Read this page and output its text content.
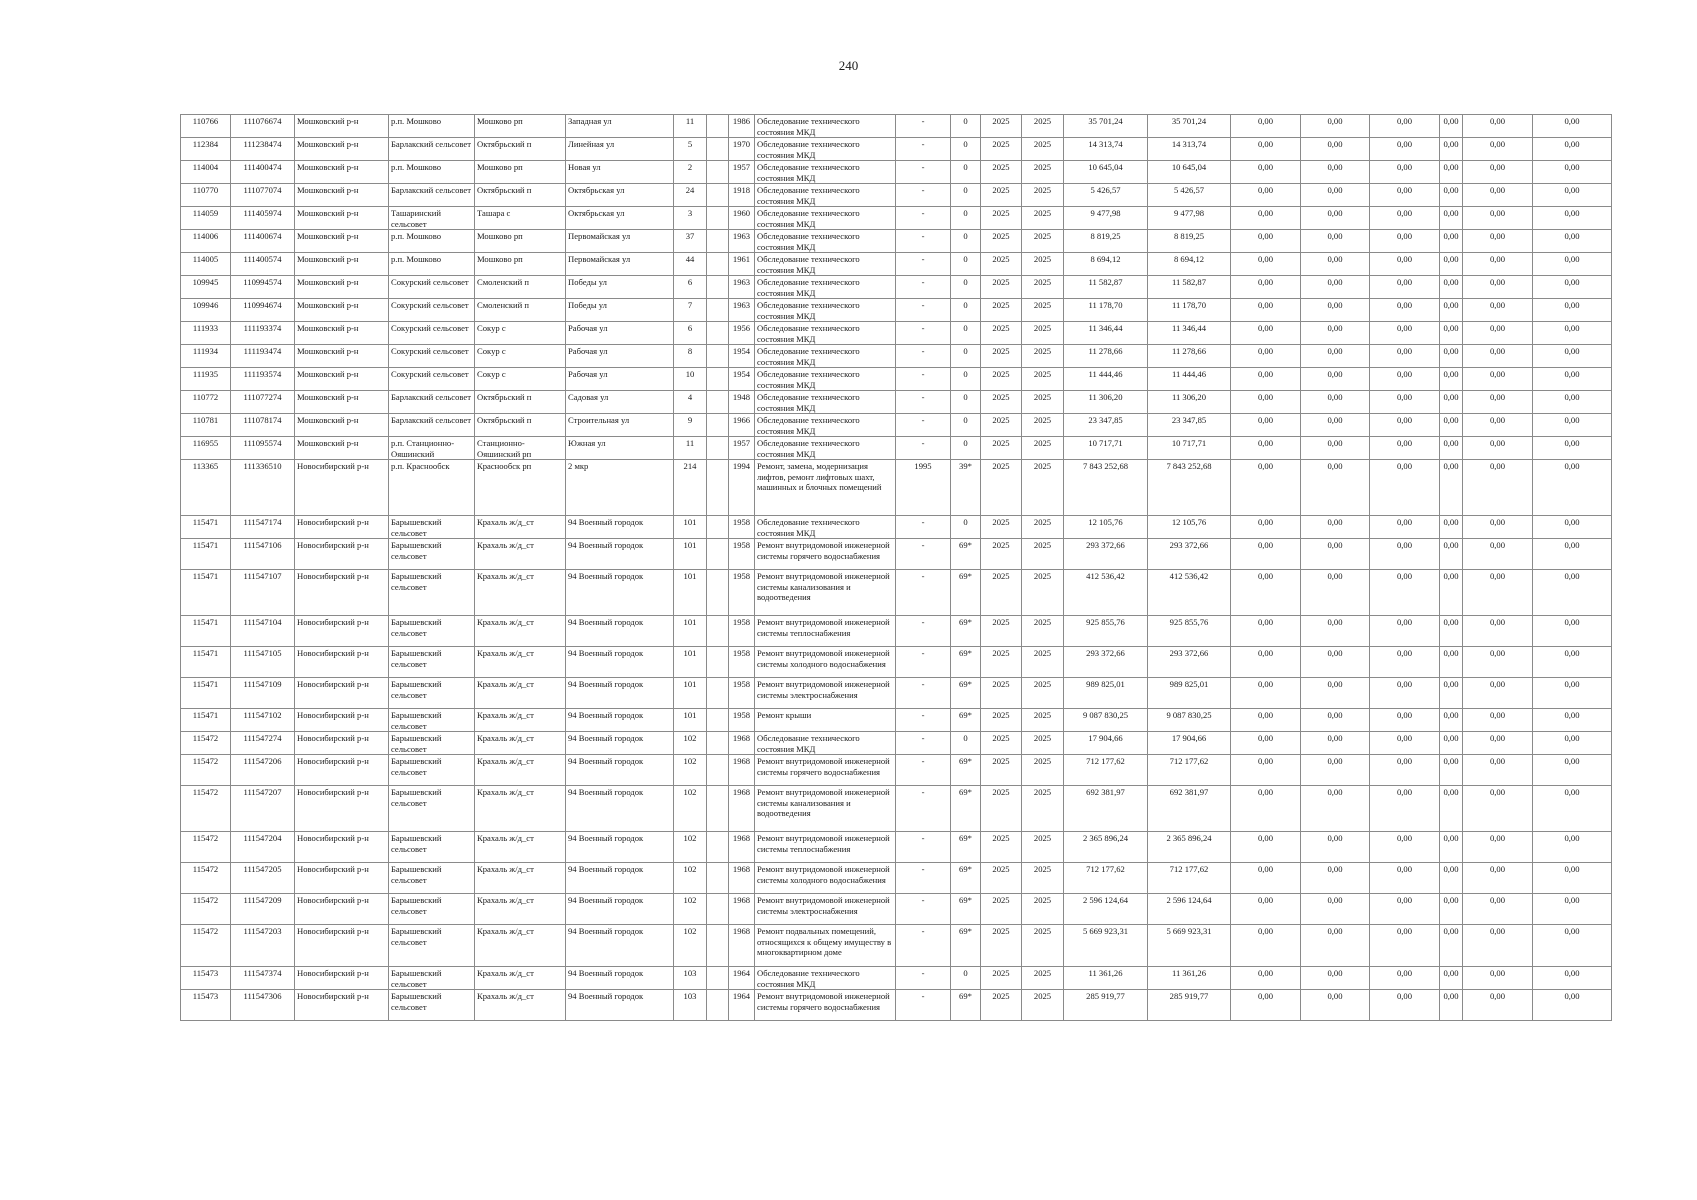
240
110766	111076674	Мошковский р-н	р.п. Мошково	Мошково рп	Западная ул	11		1986	Обследование технического состояния МКД	-	0	2025	2025	35 701,24	35 701,24	0,00	0,00	0,00	0,00	0,00	0,00
112384	111238474	Мошковский р-н	Барлакский сельсовет	Октябрьский п	Линейная ул	5		1970	Обследование технического состояния МКД	-	0	2025	2025	14 313,74	14 313,74	0,00	0,00	0,00	0,00	0,00	0,00
114004	111400474	Мошковский р-н	р.п. Мошково	Мошково рп	Новая ул	2		1957	Обследование технического состояния МКД	-	0	2025	2025	10 645,04	10 645,04	0,00	0,00	0,00	0,00	0,00	0,00
110770	111077074	Мошковский р-н	Барлакский сельсовет	Октябрьский п	Октябрьская ул	24		1918	Обследование технического состояния МКД	-	0	2025	2025	5 426,57	5 426,57	0,00	0,00	0,00	0,00	0,00	0,00
114059	111405974	Мошковский р-н	Ташаринский сельсовет	Ташара с	Октябрьская ул	3		1960	Обследование технического состояния МКД	-	0	2025	2025	9 477,98	9 477,98	0,00	0,00	0,00	0,00	0,00	0,00
114006	111400674	Мошковский р-н	р.п. Мошково	Мошково рп	Первомайская ул	37		1963	Обследование технического состояния МКД	-	0	2025	2025	8 819,25	8 819,25	0,00	0,00	0,00	0,00	0,00	0,00
114005	111400574	Мошковский р-н	р.п. Мошково	Мошково рп	Первомайская ул	44		1961	Обследование технического состояния МКД	-	0	2025	2025	8 694,12	8 694,12	0,00	0,00	0,00	0,00	0,00	0,00
109945	110994574	Мошковский р-н	Сокурский сельсовет	Смоленский п	Победы ул	6		1963	Обследование технического состояния МКД	-	0	2025	2025	11 582,87	11 582,87	0,00	0,00	0,00	0,00	0,00	0,00
109946	110994674	Мошковский р-н	Сокурский сельсовет	Смоленский п	Победы ул	7		1963	Обследование технического состояния МКД	-	0	2025	2025	11 178,70	11 178,70	0,00	0,00	0,00	0,00	0,00	0,00
111933	111193374	Мошковский р-н	Сокурский сельсовет	Сокур с	Рабочая ул	6		1956	Обследование технического состояния МКД	-	0	2025	2025	11 346,44	11 346,44	0,00	0,00	0,00	0,00	0,00	0,00
111934	111193474	Мошковский р-н	Сокурский сельсовет	Сокур с	Рабочая ул	8		1954	Обследование технического состояния МКД	-	0	2025	2025	11 278,66	11 278,66	0,00	0,00	0,00	0,00	0,00	0,00
111935	111193574	Мошковский р-н	Сокурский сельсовет	Сокур с	Рабочая ул	10		1954	Обследование технического состояния МКД	-	0	2025	2025	11 444,46	11 444,46	0,00	0,00	0,00	0,00	0,00	0,00
110772	111077274	Мошковский р-н	Барлакский сельсовет	Октябрьский п	Садовая ул	4		1948	Обследование технического состояния МКД	-	0	2025	2025	11 306,20	11 306,20	0,00	0,00	0,00	0,00	0,00	0,00
110781	111078174	Мошковский р-н	Барлакский сельсовет	Октябрьский п	Строительная ул	9		1966	Обследование технического состояния МКД	-	0	2025	2025	23 347,85	23 347,85	0,00	0,00	0,00	0,00	0,00	0,00
116955	111095574	Мошковский р-н	р.п. Станционно-Ояшинский	Станционно-Ояшинский рп	Южная ул	11		1957	Обследование технического состояния МКД	-	0	2025	2025	10 717,71	10 717,71	0,00	0,00	0,00	0,00	0,00	0,00
113365	111336510	Новосибирский р-н	р.п. Краснообск	Краснообск рп	2 мкр	214		1994	Ремонт, замена, модернизация лифтов, ремонт лифтовых шахт, машинных и блочных помещений	1995	39*	2025	2025	7 843 252,68	7 843 252,68	0,00	0,00	0,00	0,00	0,00	0,00
115471	111547174	Новосибирский р-н	Барышевский сельсовет	Крахаль ж/д_ст	94 Военный городок	101		1958	Обследование технического состояния МКД	-	0	2025	2025	12 105,76	12 105,76	0,00	0,00	0,00	0,00	0,00	0,00
115471	111547106	Новосибирский р-н	Барышевский сельсовет	Крахаль ж/д_ст	94 Военный городок	101		1958	Ремонт внутридомовой инженерной системы горячего водоснабжения	-	69*	2025	2025	293 372,66	293 372,66	0,00	0,00	0,00	0,00	0,00	0,00
115471	111547107	Новосибирский р-н	Барышевский сельсовет	Крахаль ж/д_ст	94 Военный городок	101		1958	Ремонт внутридомовой инженерной системы канализования и водоотведения	-	69*	2025	2025	412 536,42	412 536,42	0,00	0,00	0,00	0,00	0,00	0,00
115471	111547104	Новосибирский р-н	Барышевский сельсовет	Крахаль ж/д_ст	94 Военный городок	101		1958	Ремонт внутридомовой инженерной системы теплоснабжения	-	69*	2025	2025	925 855,76	925 855,76	0,00	0,00	0,00	0,00	0,00	0,00
115471	111547105	Новосибирский р-н	Барышевский сельсовет	Крахаль ж/д_ст	94 Военный городок	101		1958	Ремонт внутридомовой инженерной системы холодного водоснабжения	-	69*	2025	2025	293 372,66	293 372,66	0,00	0,00	0,00	0,00	0,00	0,00
115471	111547109	Новосибирский р-н	Барышевский сельсовет	Крахаль ж/д_ст	94 Военный городок	101		1958	Ремонт внутридомовой инженерной системы электроснабжения	-	69*	2025	2025	989 825,01	989 825,01	0,00	0,00	0,00	0,00	0,00	0,00
115471	111547102	Новосибирский р-н	Барышевский сельсовет	Крахаль ж/д_ст	94 Военный городок	101		1958	Ремонт крыши	-	69*	2025	2025	9 087 830,25	9 087 830,25	0,00	0,00	0,00	0,00	0,00	0,00
115472	111547274	Новосибирский р-н	Барышевский сельсовет	Крахаль ж/д_ст	94 Военный городок	102		1968	Обследование технического состояния МКД	-	0	2025	2025	17 904,66	17 904,66	0,00	0,00	0,00	0,00	0,00	0,00
115472	111547206	Новосибирский р-н	Барышевский сельсовет	Крахаль ж/д_ст	94 Военный городок	102		1968	Ремонт внутридомовой инженерной системы горячего водоснабжения	-	69*	2025	2025	712 177,62	712 177,62	0,00	0,00	0,00	0,00	0,00	0,00
115472	111547207	Новосибирский р-н	Барышевский сельсовет	Крахаль ж/д_ст	94 Военный городок	102		1968	Ремонт внутридомовой инженерной системы канализования и водоотведения	-	69*	2025	2025	692 381,97	692 381,97	0,00	0,00	0,00	0,00	0,00	0,00
115472	111547204	Новосибирский р-н	Барышевский сельсовет	Крахаль ж/д_ст	94 Военный городок	102		1968	Ремонт внутридомовой инженерной системы теплоснабжения	-	69*	2025	2025	2 365 896,24	2 365 896,24	0,00	0,00	0,00	0,00	0,00	0,00
115472	111547205	Новосибирский р-н	Барышевский сельсовет	Крахаль ж/д_ст	94 Военный городок	102		1968	Ремонт внутридомовой инженерной системы холодного водоснабжения	-	69*	2025	2025	712 177,62	712 177,62	0,00	0,00	0,00	0,00	0,00	0,00
115472	111547209	Новосибирский р-н	Барышевский сельсовет	Крахаль ж/д_ст	94 Военный городок	102		1968	Ремонт внутридомовой инженерной системы электроснабжения	-	69*	2025	2025	2 596 124,64	2 596 124,64	0,00	0,00	0,00	0,00	0,00	0,00
115472	111547203	Новосибирский р-н	Барышевский сельсовет	Крахаль ж/д_ст	94 Военный городок	102		1968	Ремонт подвальных помещений, относящихся к общему имуществу в многоквартирном доме	-	69*	2025	2025	5 669 923,31	5 669 923,31	0,00	0,00	0,00	0,00	0,00	0,00
115473	111547374	Новосибирский р-н	Барышевский сельсовет	Крахаль ж/д_ст	94 Военный городок	103		1964	Обследование технического состояния МКД	-	0	2025	2025	11 361,26	11 361,26	0,00	0,00	0,00	0,00	0,00	0,00
115473	111547306	Новосибирский р-н	Барышевский сельсовет	Крахаль ж/д_ст	94 Военный городок	103		1964	Ремонт внутридомовой инженерной системы горячего водоснабжения	-	69*	2025	2025	285 919,77	285 919,77	0,00	0,00	0,00	0,00	0,00	0,00
